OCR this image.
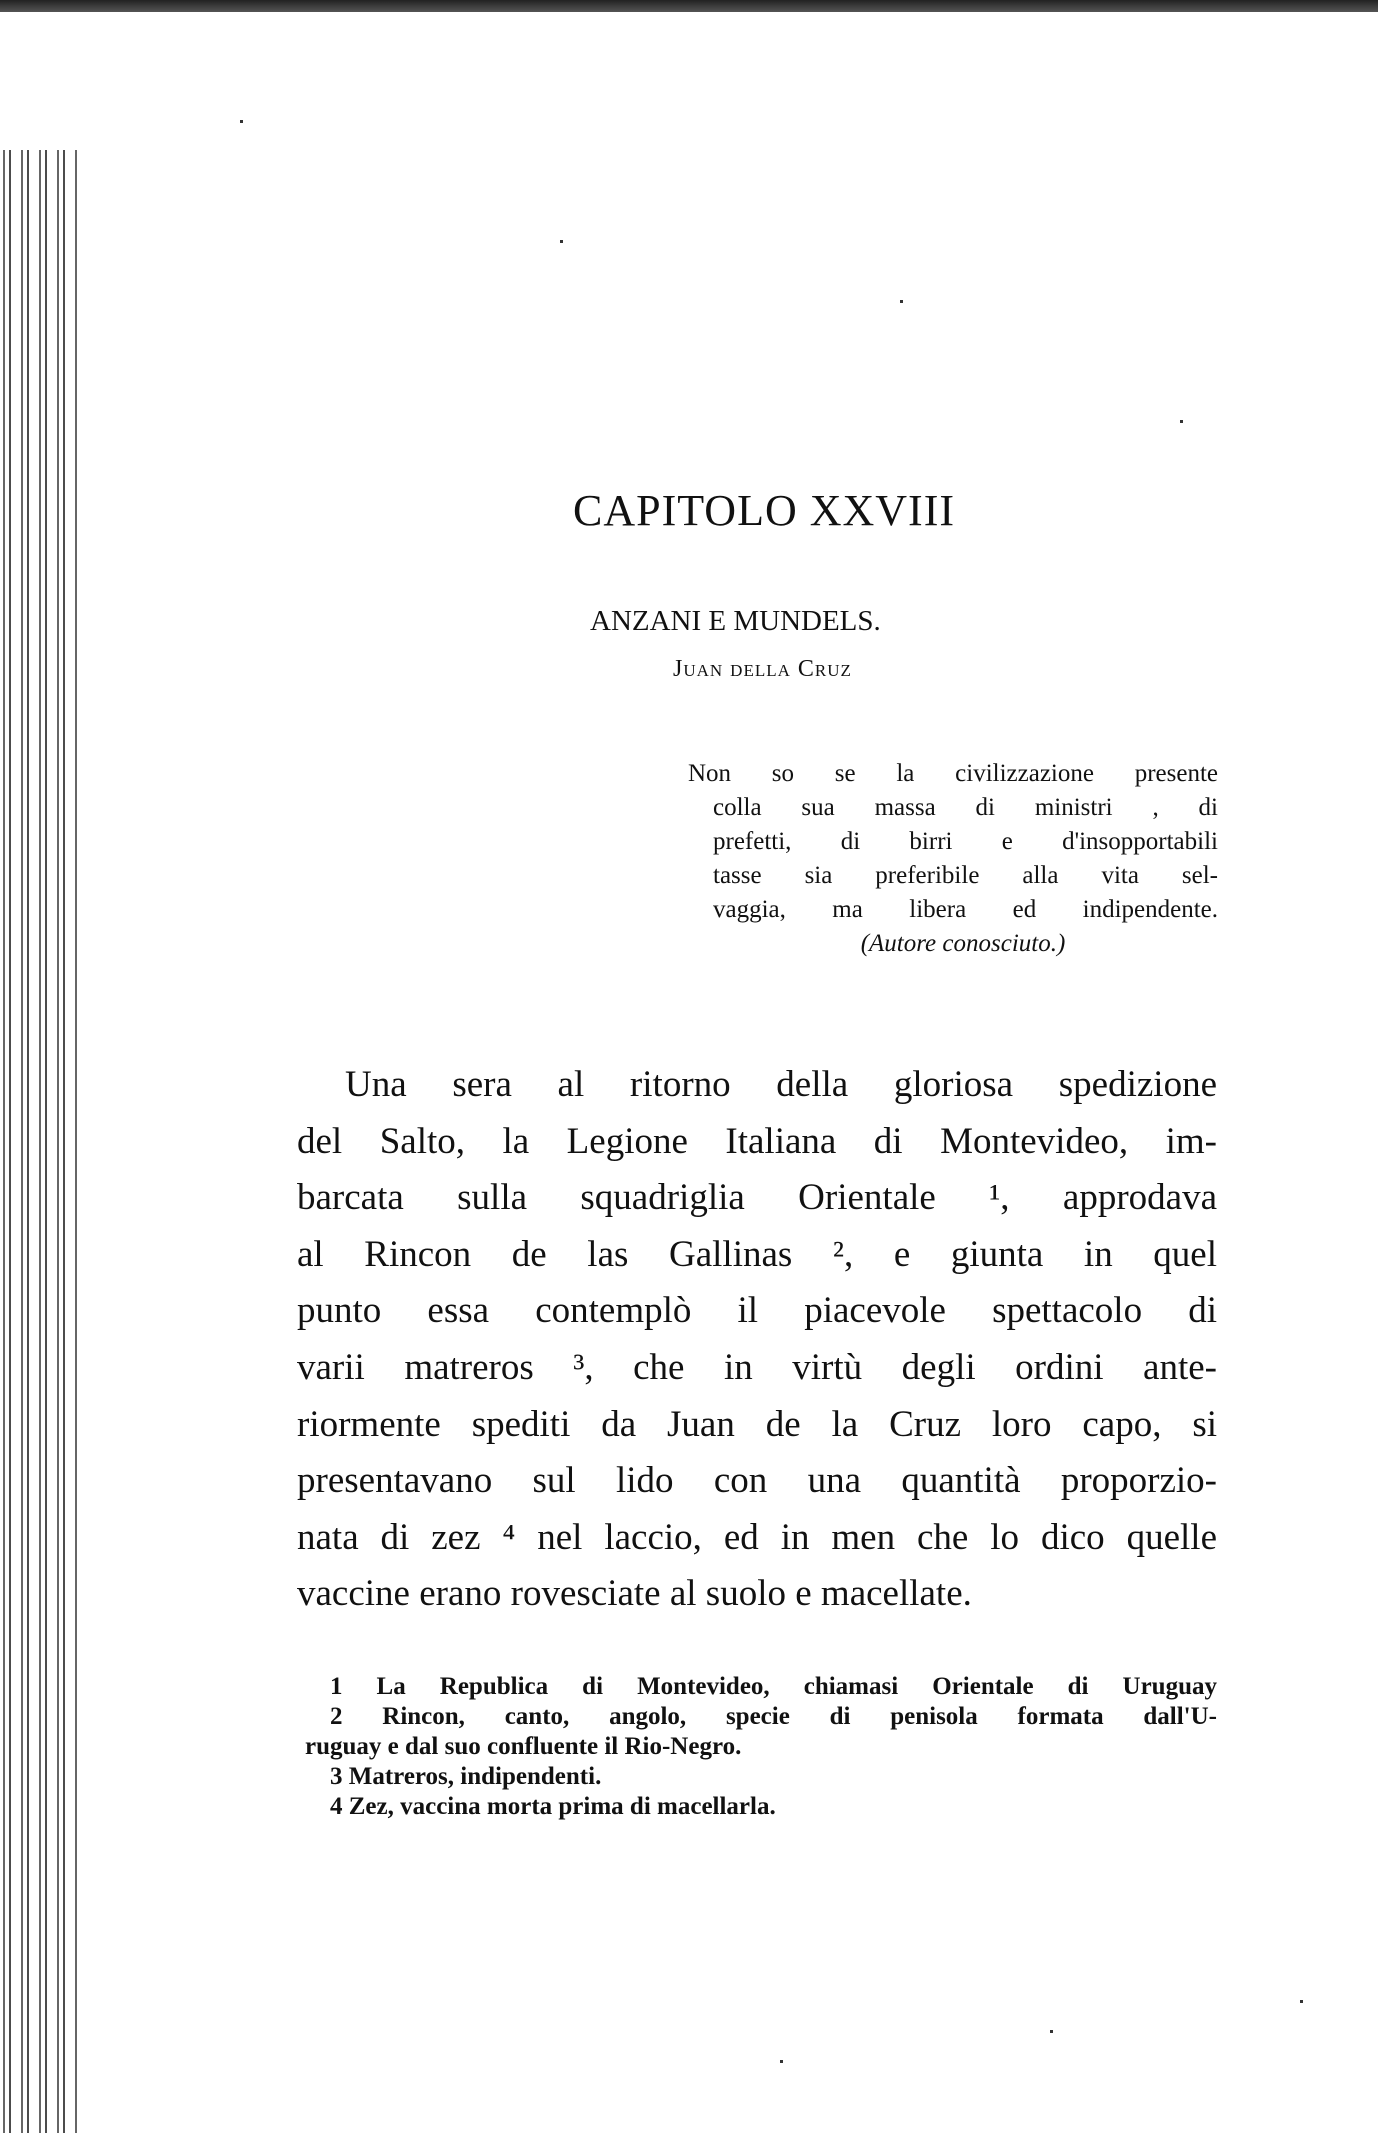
CAPITOLO XXVIII
ANZANI E MUNDELS.
Juan della Cruz
Non so se la civilizzazione presente
colla sua massa di ministri , di
prefetti, di birri e d'insopportabili
tasse sia preferibile alla vita sel-
vaggia, ma libera ed indipendente.
(Autore conosciuto.)
Una sera al ritorno della gloriosa spedizione
del Salto, la Legione Italiana di Montevideo, im-
barcata sulla squadriglia Orientale ¹, approdava
al Rincon de las Gallinas ², e giunta in quel
punto essa contemplò il piacevole spettacolo di
varii matreros ³, che in virtù degli ordini ante-
riormente spediti da Juan de la Cruz loro capo, si
presentavano sul lido con una quantità proporzio-
nata di zez ⁴ nel laccio, ed in men che lo dico quelle
vaccine erano rovesciate al suolo e macellate.
1 La Republica di Montevideo, chiamasi Orientale di Uruguay
2 Rincon, canto, angolo, specie di penisola formata dall'U-
ruguay e dal suo confluente il Rio-Negro.
3 Matreros, indipendenti.
4 Zez, vaccina morta prima di macellarla.
